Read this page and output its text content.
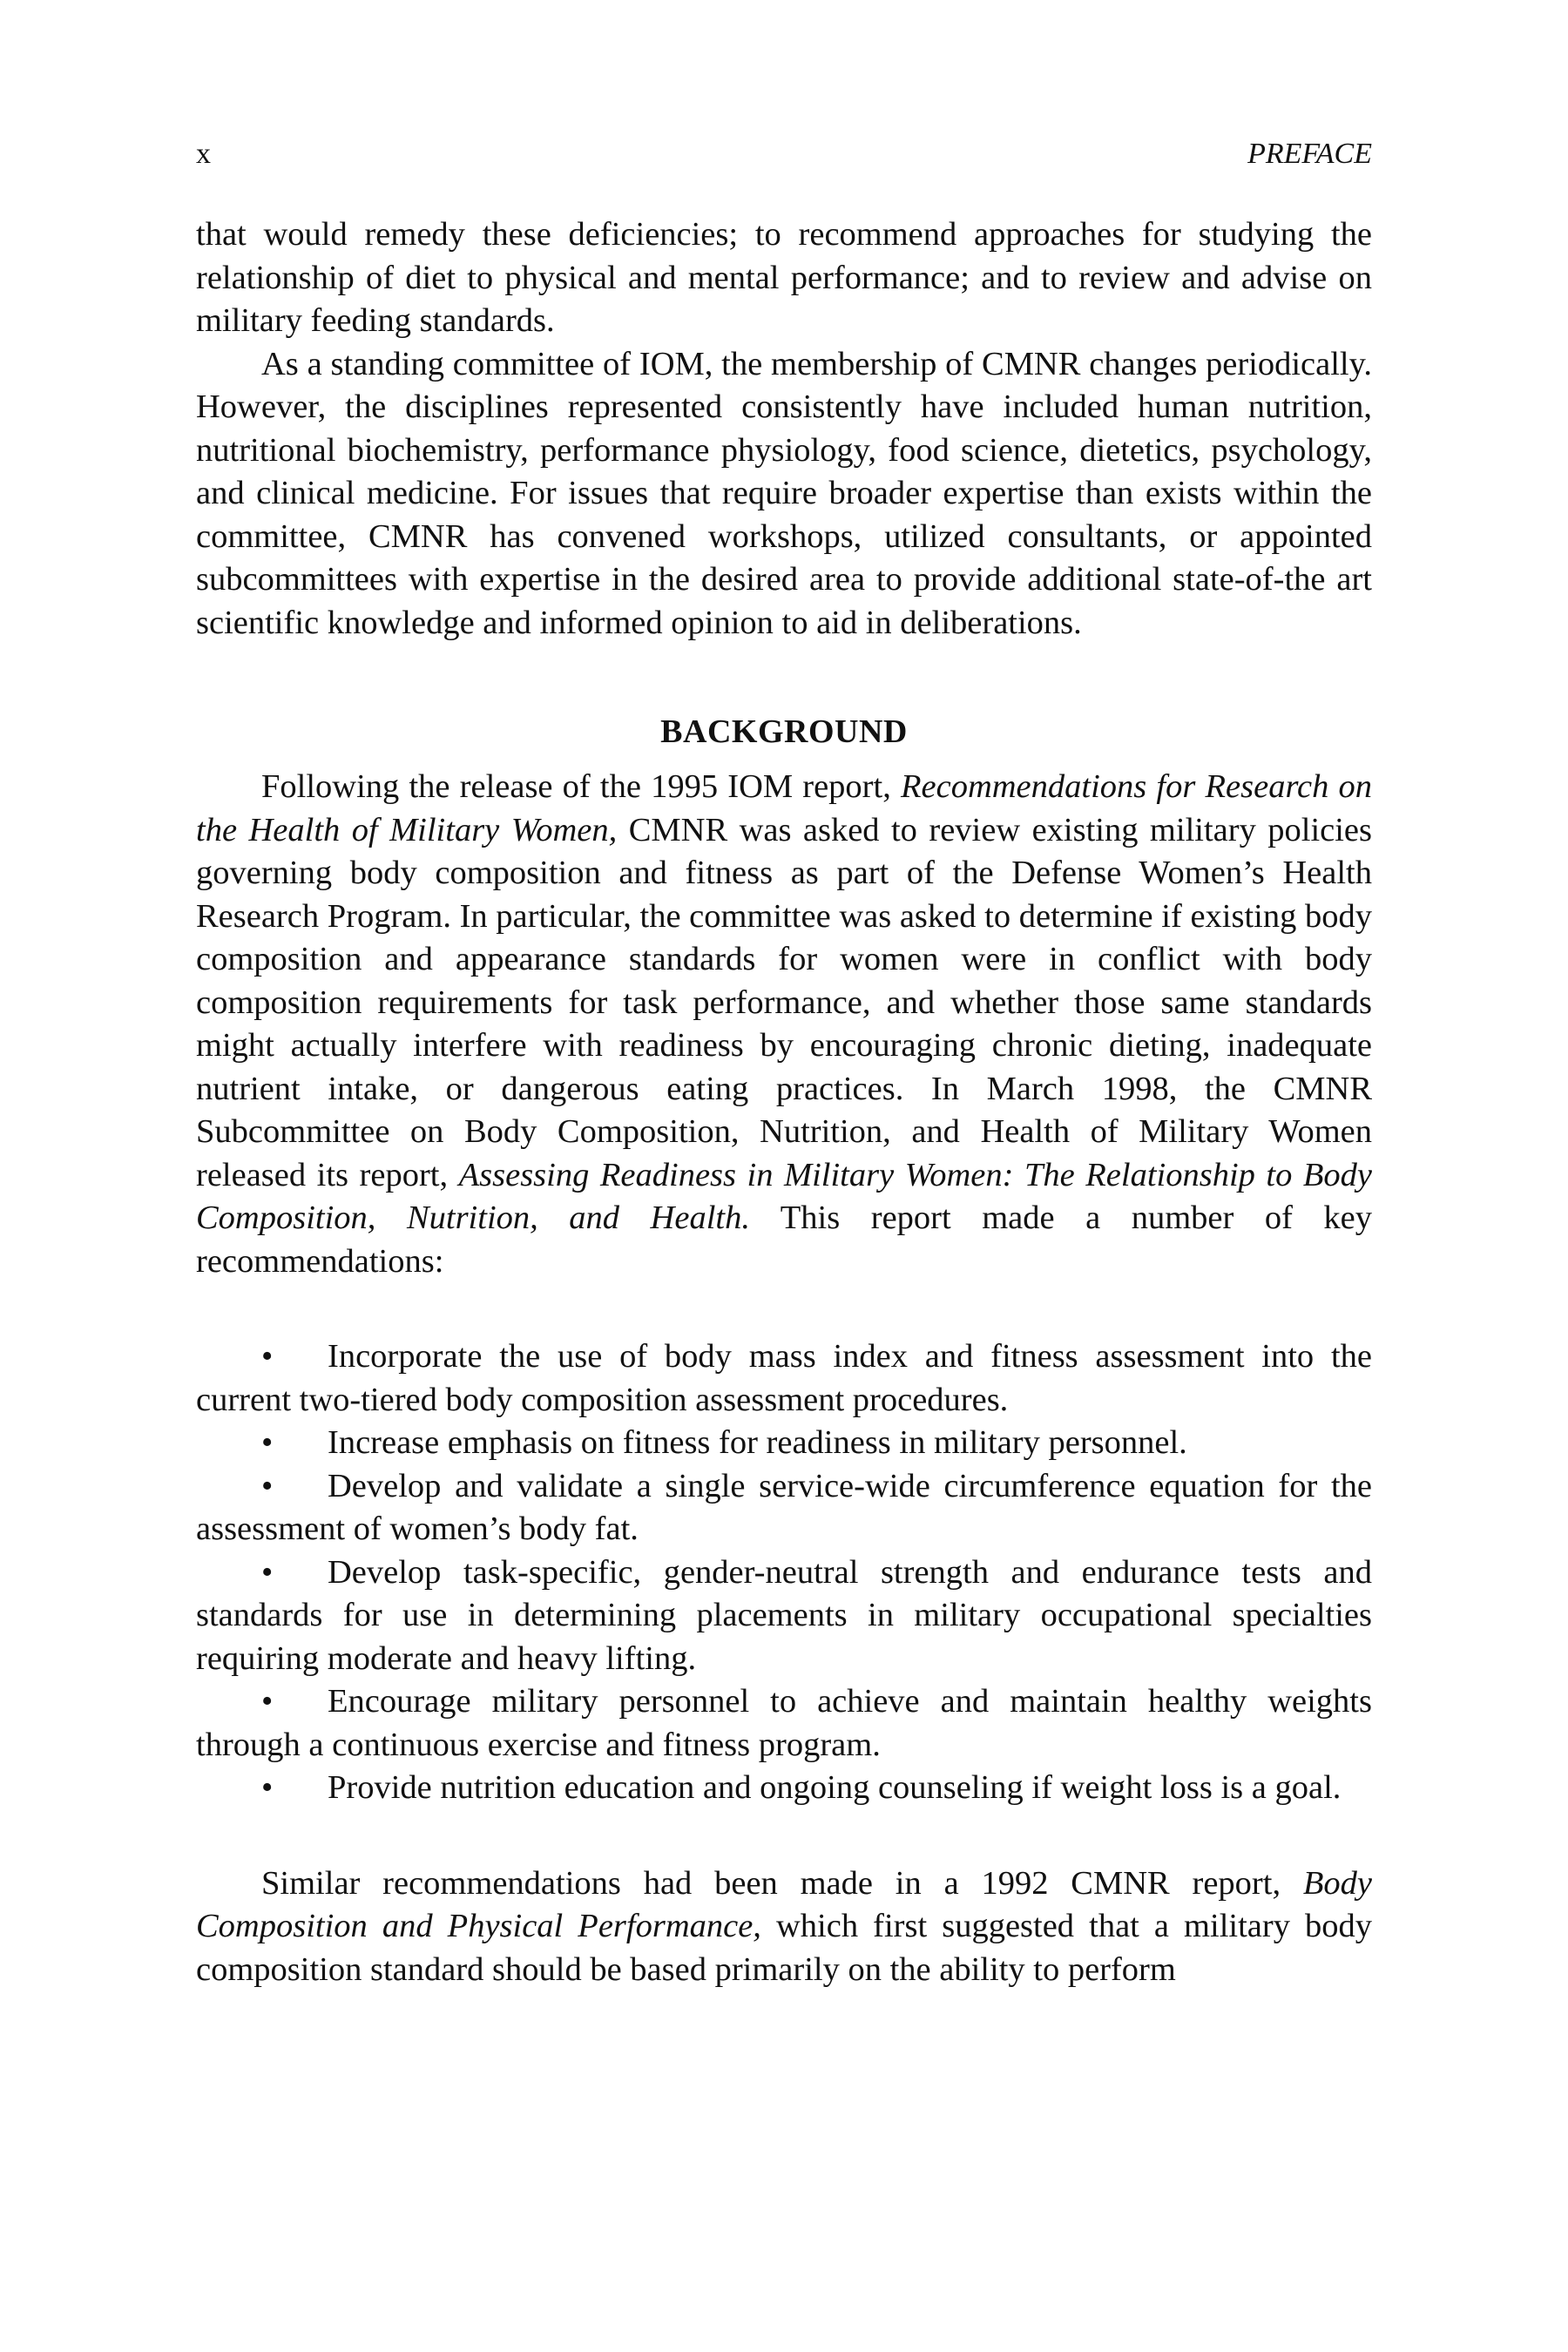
x	PREFACE

that would remedy these deficiencies; to recommend approaches for studying the relationship of diet to physical and mental performance; and to review and advise on military feeding standards.

As a standing committee of IOM, the membership of CMNR changes periodically. However, the disciplines represented consistently have included human nutrition, nutritional biochemistry, performance physiology, food science, dietetics, psychology, and clinical medicine. For issues that require broader expertise than exists within the committee, CMNR has convened workshops, utilized consultants, or appointed subcommittees with expertise in the desired area to provide additional state-of-the art scientific knowledge and informed opinion to aid in deliberations.

BACKGROUND

Following the release of the 1995 IOM report, Recommendations for Research on the Health of Military Women, CMNR was asked to review existing military policies governing body composition and fitness as part of the Defense Women’s Health Research Program. In particular, the committee was asked to determine if existing body composition and appearance standards for women were in conflict with body composition requirements for task performance, and whether those same standards might actually interfere with readiness by encouraging chronic dieting, inadequate nutrient intake, or dangerous eating practices. In March 1998, the CMNR Subcommittee on Body Composition, Nutrition, and Health of Military Women released its report, Assessing Readiness in Military Women: The Relationship to Body Composition, Nutrition, and Health. This report made a number of key recommendations:

• Incorporate the use of body mass index and fitness assessment into the current two-tiered body composition assessment procedures.
• Increase emphasis on fitness for readiness in military personnel.
• Develop and validate a single service-wide circumference equation for the assessment of women’s body fat.
• Develop task-specific, gender-neutral strength and endurance tests and standards for use in determining placements in military occupational specialties requiring moderate and heavy lifting.
• Encourage military personnel to achieve and maintain healthy weights through a continuous exercise and fitness program.
• Provide nutrition education and ongoing counseling if weight loss is a goal.

Similar recommendations had been made in a 1992 CMNR report, Body Composition and Physical Performance, which first suggested that a military body composition standard should be based primarily on the ability to perform
